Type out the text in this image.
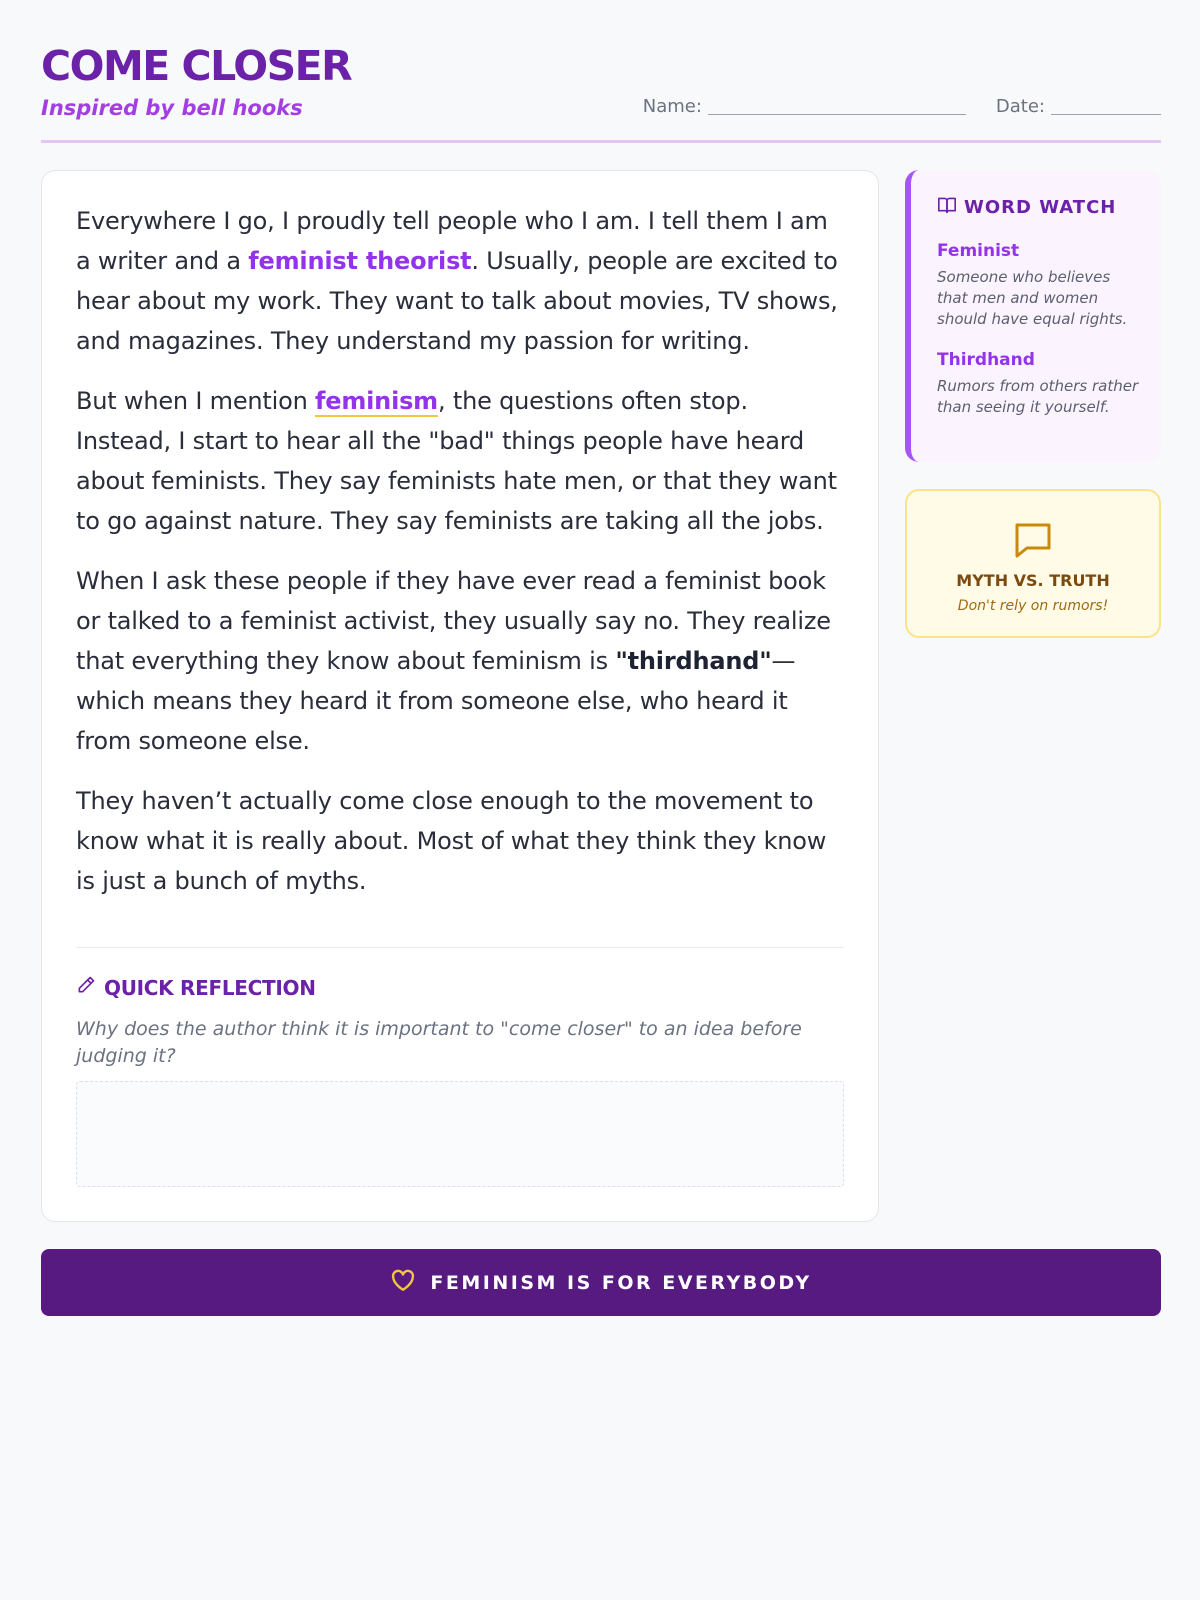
COME CLOSER
Inspired by bell hooks	Name:	Date:

Everywhere I go, I proudly tell people who I am. I tell them I am a writer and a feminist theorist. Usually, people are excited to hear about my work. They want to talk about movies, TV shows, and magazines. They understand my passion for writing.

But when I mention feminism, the questions often stop. Instead, I start to hear all the "bad" things people have heard about feminists. They say feminists hate men, or that they want to go against nature. They say feminists are taking all the jobs.

When I ask these people if they have ever read a feminist book or talked to a feminist activist, they usually say no. They realize that everything they know about feminism is "thirdhand"—which means they heard it from someone else, who heard it from someone else.

They haven’t actually come close enough to the movement to know what it is really about. Most of what they think they know is just a bunch of myths.

QUICK REFLECTION
Why does the author think it is important to "come closer" to an idea before judging it?
WORD WATCH
Feminist
Someone who believes that men and women should have equal rights.
Thirdhand
Rumors from others rather than seeing it yourself.
MYTH VS. TRUTH
Don't rely on rumors!
FEMINISM IS FOR EVERYBODY
